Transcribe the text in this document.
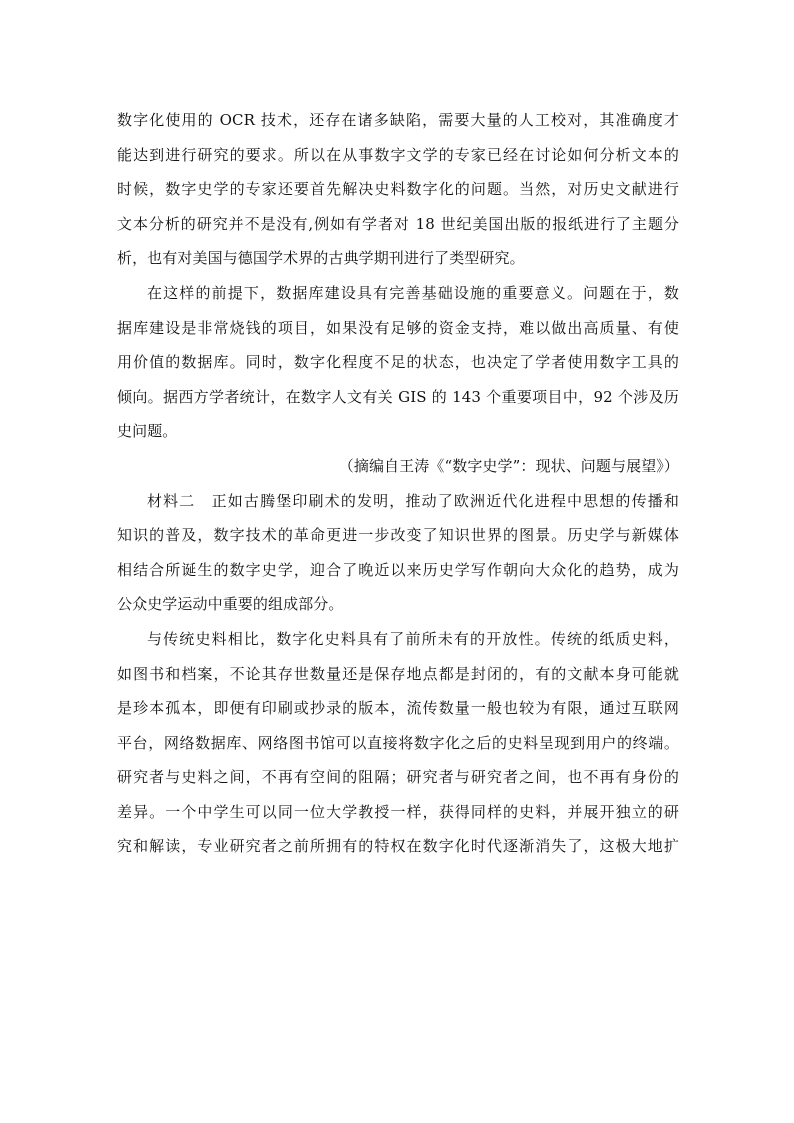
数字化使用的 OCR 技术，还存在诸多缺陷，需要大量的人工校对，其准确度才
能达到进行研究的要求。所以在从事数字文学的专家已经在讨论如何分析文本的
时候，数字史学的专家还要首先解决史料数字化的问题。当然，对历史文献进行
文本分析的研究并不是没有,例如有学者对 18 世纪美国出版的报纸进行了主题分
析，也有对美国与德国学术界的古典学期刊进行了类型研究。
在这样的前提下，数据库建设具有完善基础设施的重要意义。问题在于，数
据库建设是非常烧钱的项目，如果没有足够的资金支持，难以做出高质量、有使
用价值的数据库。同时，数字化程度不足的状态，也决定了学者使用数字工具的
倾向。据西方学者统计，在数字人文有关 GIS 的 143 个重要项目中，92 个涉及历
史问题。
（摘编自王涛《“数字史学”：现状、问题与展望》）
材料二　正如古腾堡印刷术的发明，推动了欧洲近代化进程中思想的传播和
知识的普及，数字技术的革命更进一步改变了知识世界的图景。历史学与新媒体
相结合所诞生的数字史学，迎合了晚近以来历史学写作朝向大众化的趋势，成为
公众史学运动中重要的组成部分。
与传统史料相比，数字化史料具有了前所未有的开放性。传统的纸质史料，
如图书和档案，不论其存世数量还是保存地点都是封闭的，有的文献本身可能就
是珍本孤本，即便有印刷或抄录的版本，流传数量一般也较为有限，通过互联网
平台，网络数据库、网络图书馆可以直接将数字化之后的史料呈现到用户的终端。
研究者与史料之间，不再有空间的阻隔；研究者与研究者之间，也不再有身份的
差异。一个中学生可以同一位大学教授一样，获得同样的史料，并展开独立的研
究和解读，专业研究者之前所拥有的特权在数字化时代逐渐消失了，这极大地扩
